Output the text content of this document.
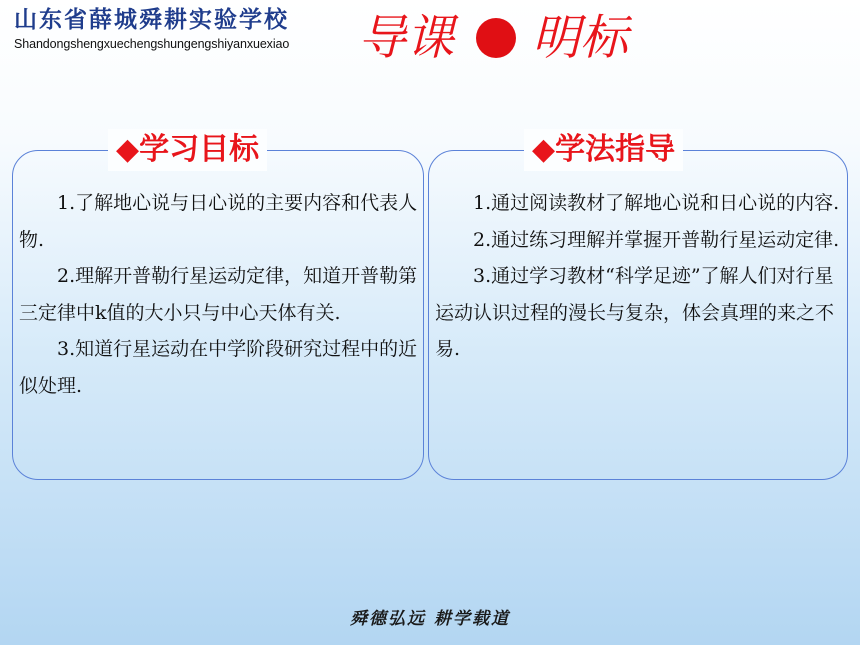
山东省薛城舜耕实验学校
Shandongshengxuechengshungengshiyanxuexiao 导课 明标
◆学习目标

1.了解地心说与日心说的主要内容和代表人物.

2.理解开普勒行星运动定律，知道开普勒第三定律中k值的大小只与中心天体有关.

3.知道行星运动在中学阶段研究过程中的近似处理.

◆学法指导

1.通过阅读教材了解地心说和日心说的内容.

2.通过练习理解并掌握开普勒行星运动定律.

3.通过学习教材“科学足迹”了解人们对行星运动认识过程的漫长与复杂，体会真理的来之不易.

舜德弘远 耕学载道
